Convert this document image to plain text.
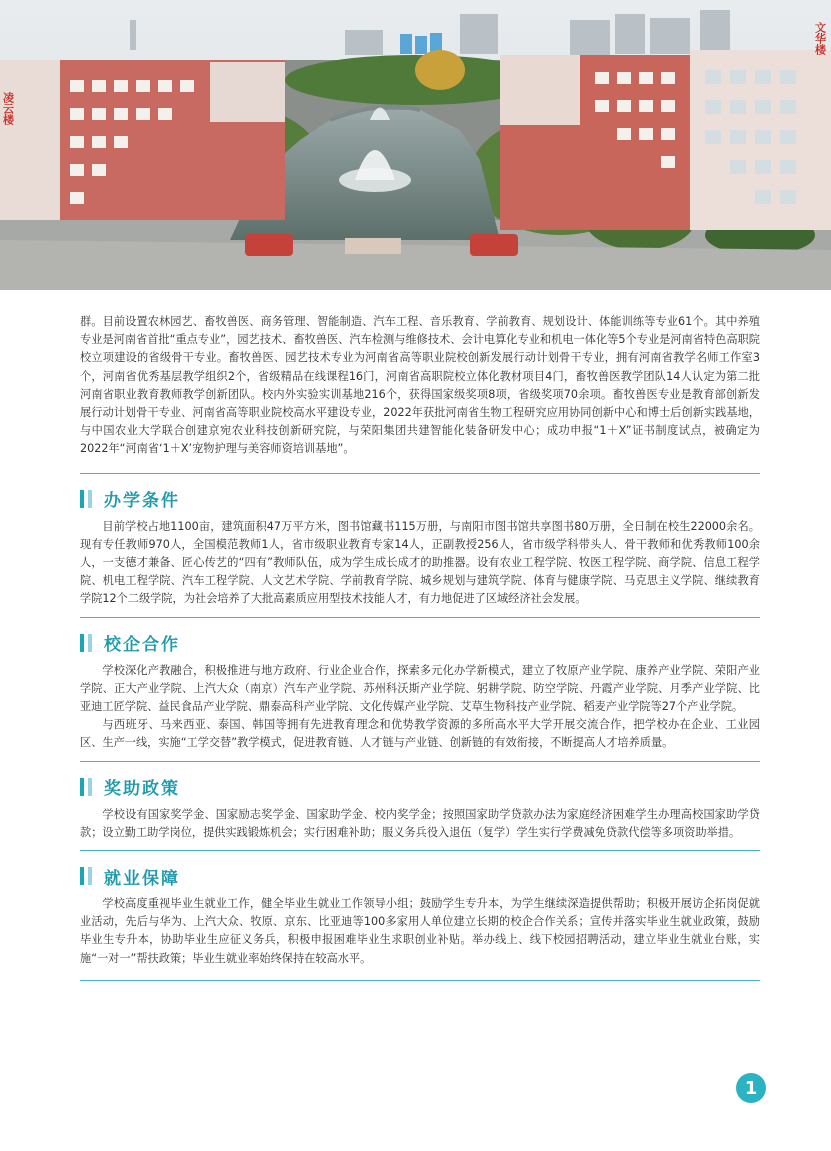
凌云楼
文华楼

群。目前设置农林园艺、畜牧兽医、商务管理、智能制造、汽车工程、音乐教育、学前教育、规划设计、体能训练等专业61个。其中养殖专业是河南省首批“重点专业”，园艺技术、畜牧兽医、汽车检测与维修技术、会计电算化专业和机电一体化等5个专业是河南省特色高职院校立项建设的省级骨干专业。畜牧兽医、园艺技术专业为河南省高等职业院校创新发展行动计划骨干专业，拥有河南省教学名师工作室3个，河南省优秀基层教学组织2个，省级精品在线课程16门，河南省高职院校立体化教材项目4门，畜牧兽医教学团队14人认定为第二批河南省职业教育教师教学创新团队。校内外实验实训基地216个，获得国家级奖项8项，省级奖项70余项。畜牧兽医专业是教育部创新发展行动计划骨干专业、河南省高等职业院校高水平建设专业，2022年获批河南省生物工程研究应用协同创新中心和博士后创新实践基地，与中国农业大学联合创建京宛农业科技创新研究院，与荣阳集团共建智能化装备研发中心；成功申报“1＋X”证书制度试点，被确定为2022年“河南省‘1＋X’宠物护理与美容师资培训基地”。

办学条件

目前学校占地1100亩，建筑面积47万平方米，图书馆藏书115万册，与南阳市图书馆共享图书80万册，全日制在校生22000余名。现有专任教师970人，全国模范教师1人，省市级职业教育专家14人，正副教授256人，省市级学科带头人、骨干教师和优秀教师100余人，一支德才兼备、匠心传艺的“四有”教师队伍，成为学生成长成才的助推器。设有农业工程学院、牧医工程学院、商学院、信息工程学院、机电工程学院、汽车工程学院、人文艺术学院、学前教育学院、城乡规划与建筑学院、体育与健康学院、马克思主义学院、继续教育学院12个二级学院，为社会培养了大批高素质应用型技术技能人才，有力地促进了区域经济社会发展。

校企合作

学校深化产教融合，积极推进与地方政府、行业企业合作，探索多元化办学新模式，建立了牧原产业学院、康养产业学院、荣阳产业学院、正大产业学院、上汽大众（南京）汽车产业学院、苏州科沃斯产业学院、躬耕学院、防空学院、丹霞产业学院、月季产业学院、比亚迪工匠学院、益民食品产业学院、鼎泰高科产业学院、文化传媒产业学院、艾草生物科技产业学院、稻麦产业学院等27个产业学院。

与西班牙、马来西亚、泰国、韩国等拥有先进教育理念和优势教学资源的多所高水平大学开展交流合作，把学校办在企业、工业园区、生产一线，实施“工学交替”教学模式，促进教育链、人才链与产业链、创新链的有效衔接，不断提高人才培养质量。

奖助政策

学校设有国家奖学金、国家励志奖学金、国家助学金、校内奖学金；按照国家助学贷款办法为家庭经济困难学生办理高校国家助学贷款；设立勤工助学岗位，提供实践锻炼机会；实行困难补助；服义务兵役入退伍（复学）学生实行学费减免贷款代偿等多项资助举措。

就业保障

学校高度重视毕业生就业工作，健全毕业生就业工作领导小组；鼓励学生专升本，为学生继续深造提供帮助；积极开展访企拓岗促就业活动，先后与华为、上汽大众、牧原、京东、比亚迪等100多家用人单位建立长期的校企合作关系；宣传并落实毕业生就业政策，鼓励毕业生专升本，协助毕业生应征义务兵，积极申报困难毕业生求职创业补贴。举办线上、线下校园招聘活动，建立毕业生就业台账，实施“一对一”帮扶政策；毕业生就业率始终保持在较高水平。

1
